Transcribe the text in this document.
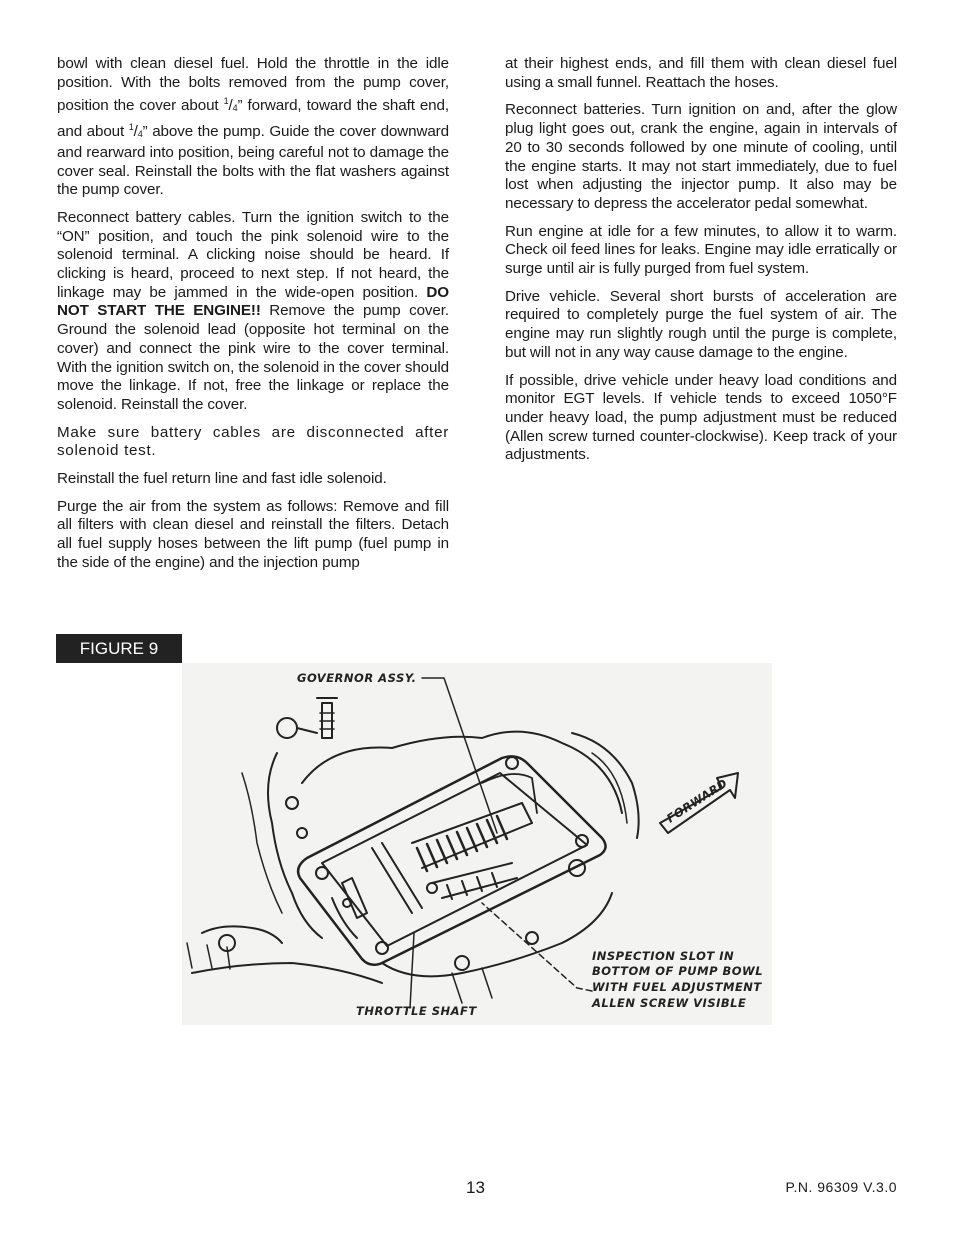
bowl with clean diesel fuel. Hold the throttle in the idle position. With the bolts removed from the pump cover, position the cover about $^1$/4” forward, toward the shaft end, and about $^1$/4” above the pump. Guide the cover downward and rearward into position, being careful not to damage the cover seal. Reinstall the bolts with the flat washers against the pump cover.

Reconnect battery cables. Turn the ignition switch to the “ON” position, and touch the pink solenoid wire to the solenoid terminal. A clicking noise should be heard. If clicking is heard, proceed to next step. If not heard, the linkage may be jammed in the wide-open position. DO NOT START THE ENGINE!! Remove the pump cover. Ground the solenoid lead (opposite hot terminal on the cover) and connect the pink wire to the cover terminal. With the ignition switch on, the solenoid in the cover should move the linkage. If not, free the linkage or replace the solenoid. Reinstall the cover.

Make sure battery cables are disconnected after solenoid test.

Reinstall the fuel return line and fast idle solenoid.

Purge the air from the system as follows: Remove and fill all filters with clean diesel and reinstall the filters. Detach all fuel supply hoses between the lift pump (fuel pump in the side of the engine) and the injection pump

at their highest ends, and fill them with clean diesel fuel using a small funnel. Reattach the hoses.

Reconnect batteries. Turn ignition on and, after the glow plug light goes out, crank the engine, again in intervals of 20 to 30 seconds followed by one minute of cooling, until the engine starts. It may not start immediately, due to fuel lost when adjusting the injector pump. It also may be necessary to depress the accelerator pedal somewhat.

Run engine at idle for a few minutes, to allow it to warm. Check oil feed lines for leaks. Engine may idle erratically or surge until air is fully purged from fuel system.

Drive vehicle. Several short bursts of acceleration are required to completely purge the fuel system of air. The engine may run slightly rough until the purge is complete, but will not in any way cause damage to the engine.

If possible, drive vehicle under heavy load conditions and monitor EGT levels. If vehicle tends to exceed 1050°F under heavy load, the pump adjustment must be reduced (Allen screw turned counter-clockwise). Keep track of your adjustments.

FIGURE 9
GOVERNOR ASSY.
FORWARD
INSPECTION SLOT IN
BOTTOM OF PUMP BOWL
WITH FUEL ADJUSTMENT
ALLEN SCREW VISIBLE
THROTTLE SHAFT
13	P.N. 96309 V.3.0
